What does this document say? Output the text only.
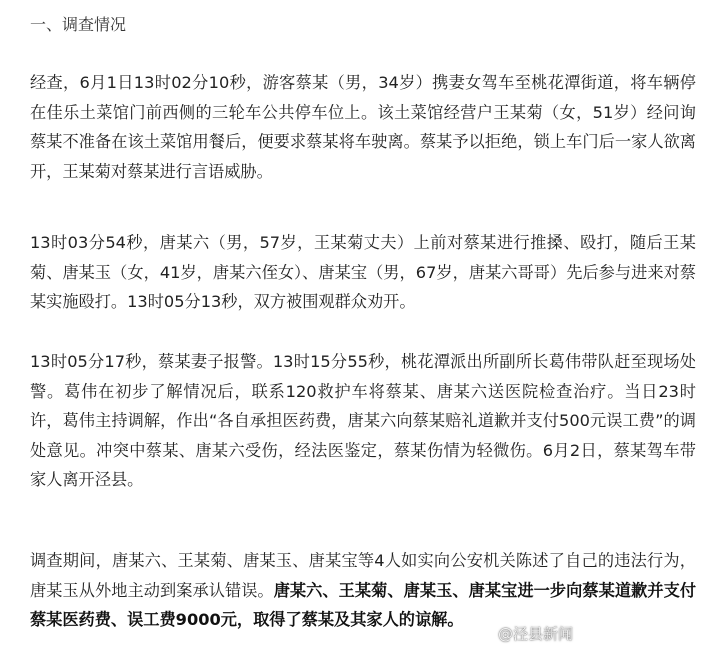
一、调查情况

经查，6月1日13时02分10秒，游客蔡某（男，34岁）携妻女驾车至桃花潭街道，将车辆停在佳乐土菜馆门前西侧的三轮车公共停车位上。该土菜馆经营户王某菊（女，51岁）经问询蔡某不准备在该土菜馆用餐后，便要求蔡某将车驶离。蔡某予以拒绝，锁上车门后一家人欲离开，王某菊对蔡某进行言语威胁。

13时03分54秒，唐某六（男，57岁，王某菊丈夫）上前对蔡某进行推搡、殴打，随后王某菊、唐某玉（女，41岁，唐某六侄女）、唐某宝（男，67岁，唐某六哥哥）先后参与进来对蔡某实施殴打。13时05分13秒，双方被围观群众劝开。

13时05分17秒，蔡某妻子报警。13时15分55秒，桃花潭派出所副所长葛伟带队赶至现场处警。葛伟在初步了解情况后，联系120救护车将蔡某、唐某六送医院检查治疗。当日23时许，葛伟主持调解，作出“各自承担医药费，唐某六向蔡某赔礼道歉并支付500元误工费”的调处意见。冲突中蔡某、唐某六受伤，经法医鉴定，蔡某伤情为轻微伤。6月2日，蔡某驾车带家人离开泾县。

调查期间，唐某六、王某菊、唐某玉、唐某宝等4人如实向公安机关陈述了自己的违法行为，唐某玉从外地主动到案承认错误。唐某六、王某菊、唐某玉、唐某宝进一步向蔡某道歉并支付蔡某医药费、误工费9000元，取得了蔡某及其家人的谅解。

@泾县新闻
